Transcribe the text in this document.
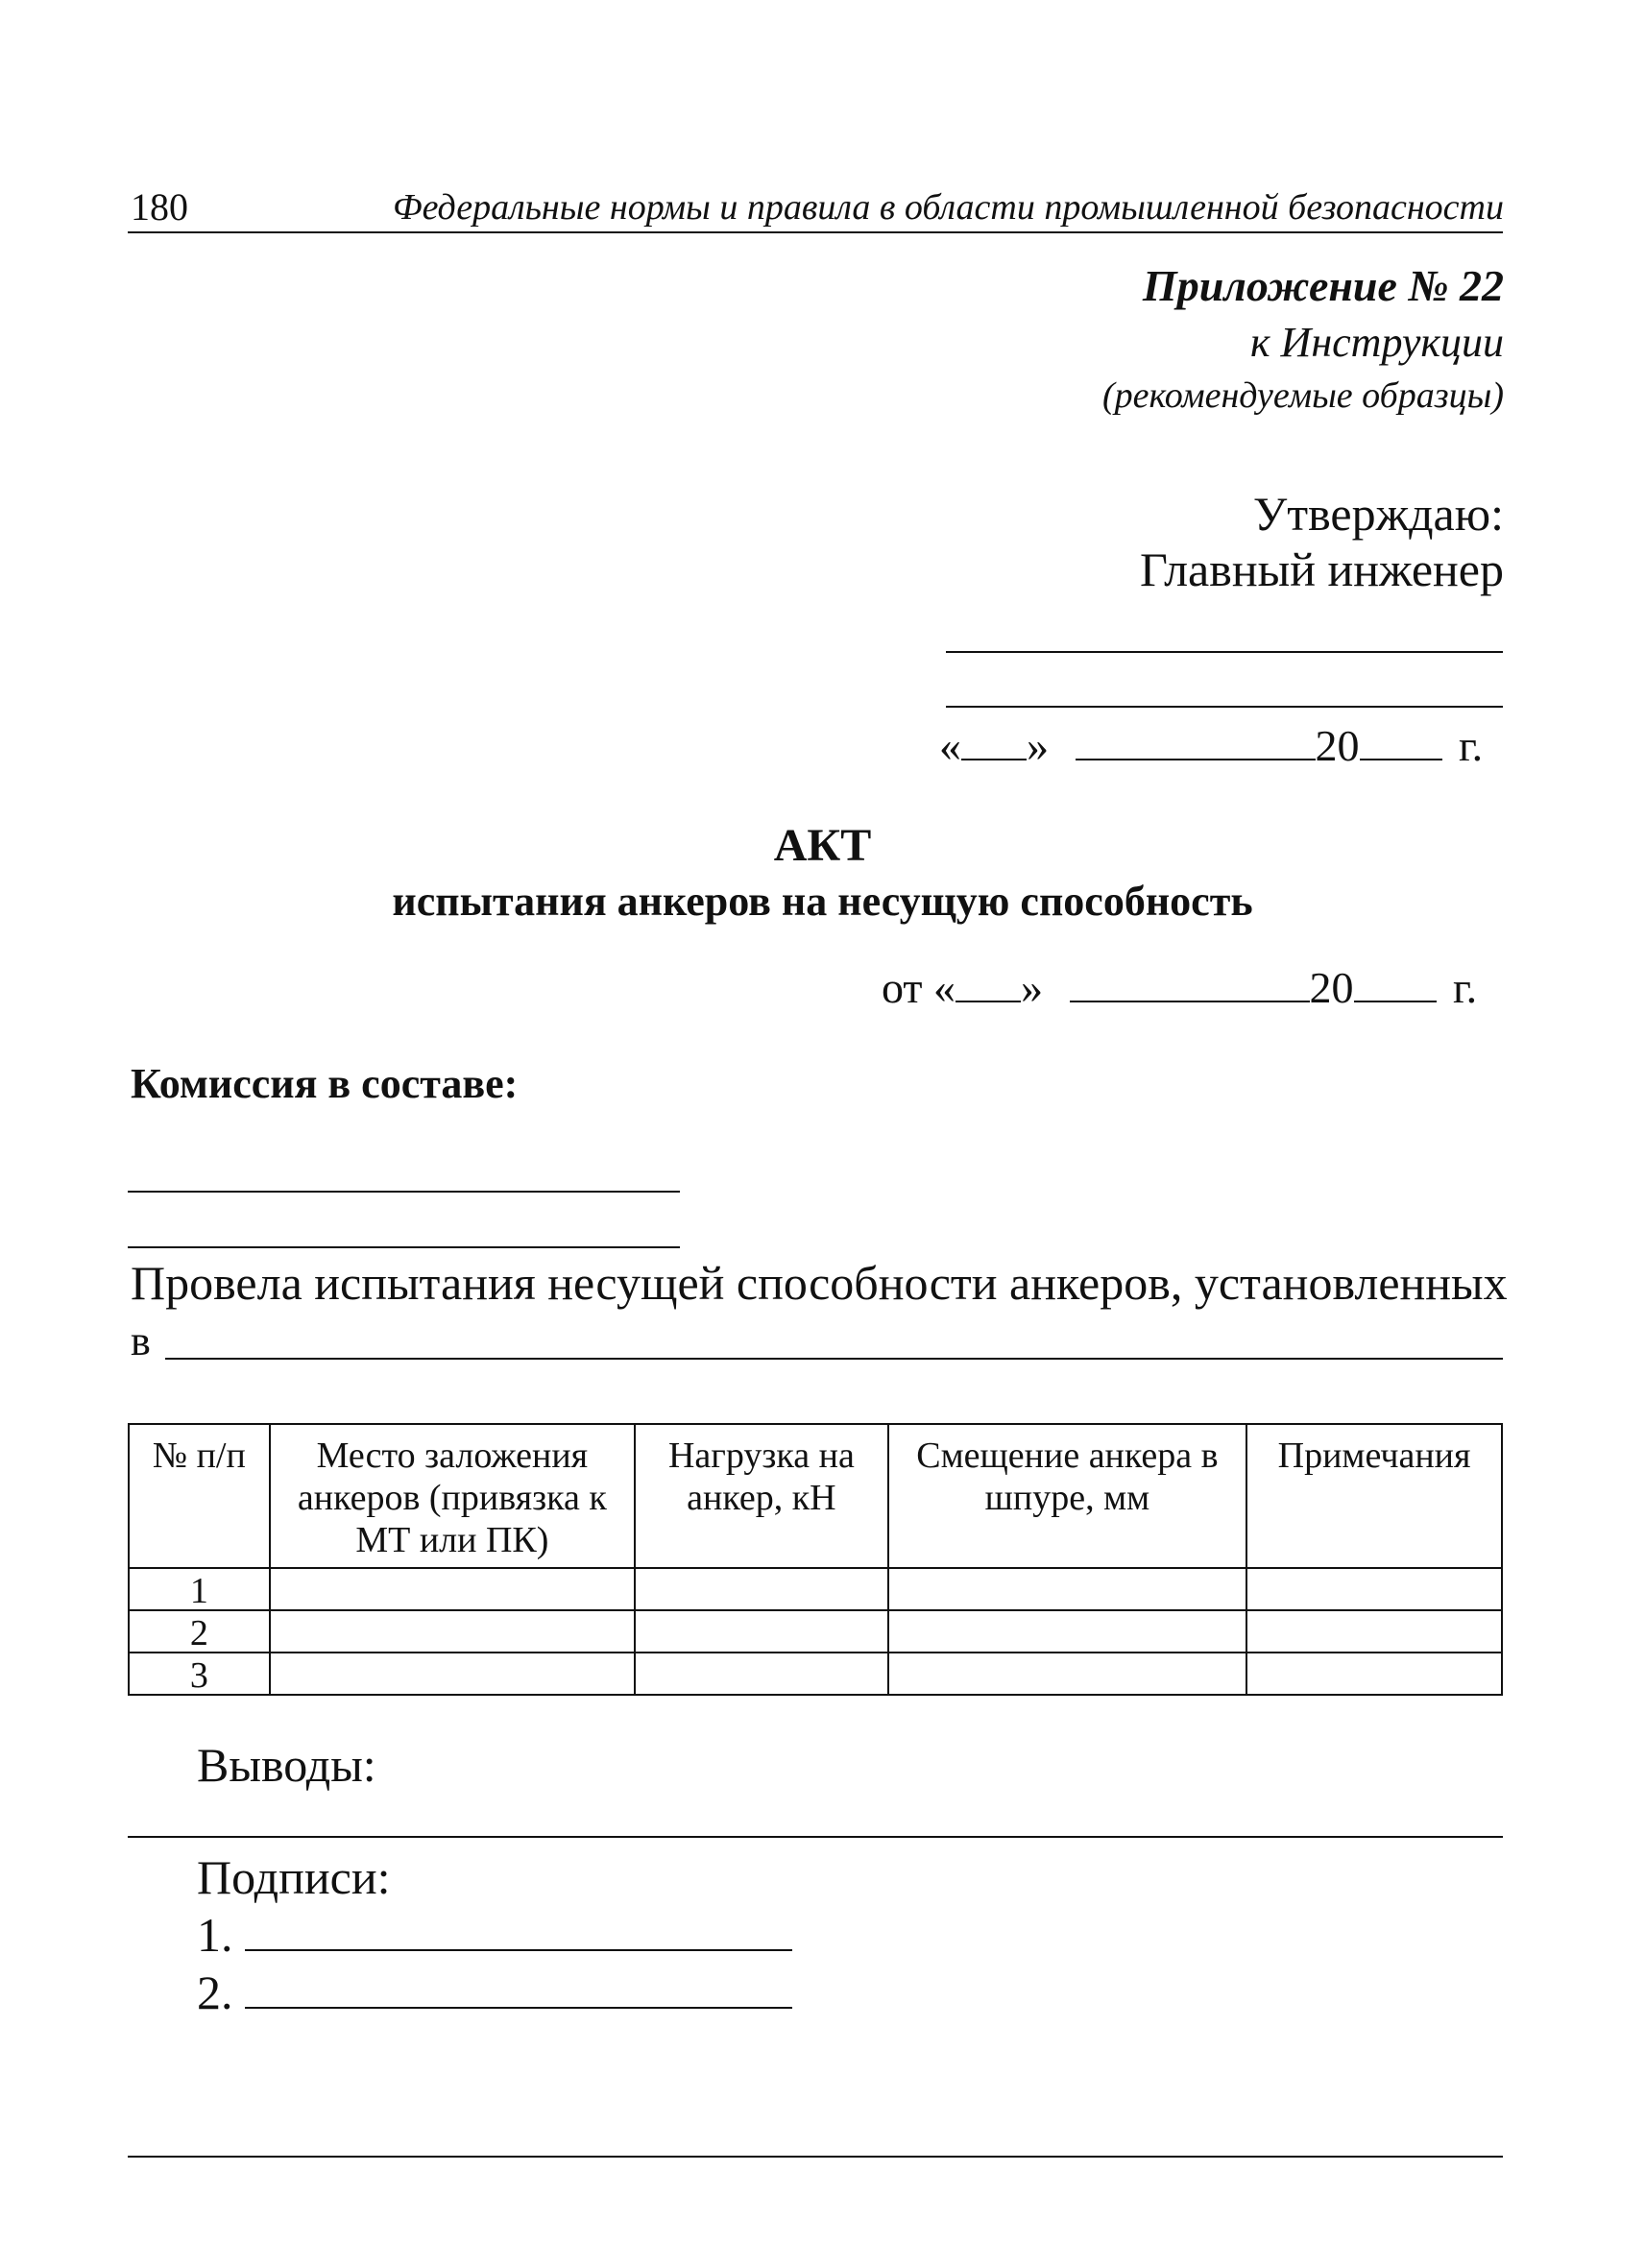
180	Федеральные нормы и правила в области промышленной безопасности
Приложение № 22
к Инструкции
(рекомендуемые образцы)
Утверждаю:
Главный инженер
« »	20 г.
АКТ
испытания анкеров на несущую способность
от « »	20 г.
Комиссия в составе:
Провела испытания несущей способности анкеров, установленных
в
№ п/п	Место заложения анкеров (привязка к МТ или ПК)	Нагрузка на анкер, кН	Смещение анкера в шпуре, мм	Примечания
1				
2				
3				
Выводы:
Подписи:
1.
2.
